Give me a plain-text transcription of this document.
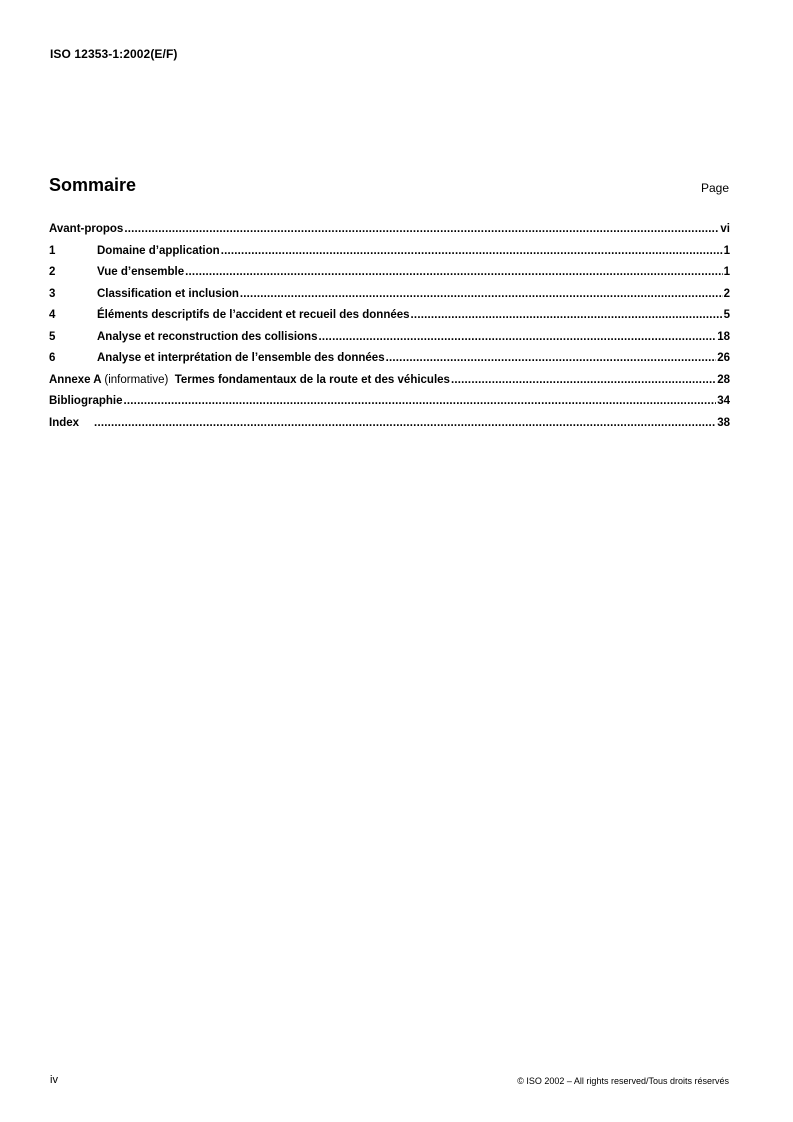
ISO 12353-1:2002(E/F)
Sommaire	Page
Avant-propos .....	vi
1	Domaine d’application .....	1
2	Vue d’ensemble .....	1
3	Classification et inclusion .....	2
4	Éléments descriptifs de l’accident et recueil des données .....	5
5	Analyse et reconstruction des collisions .....	18
6	Analyse et interprétation de l’ensemble des données .....	26
Annexe A (informative) Termes fondamentaux de la route et des véhicules .....	28
Bibliographie .....	34
Index .....	38
iv	© ISO 2002 – All rights reserved/Tous droits réservés
